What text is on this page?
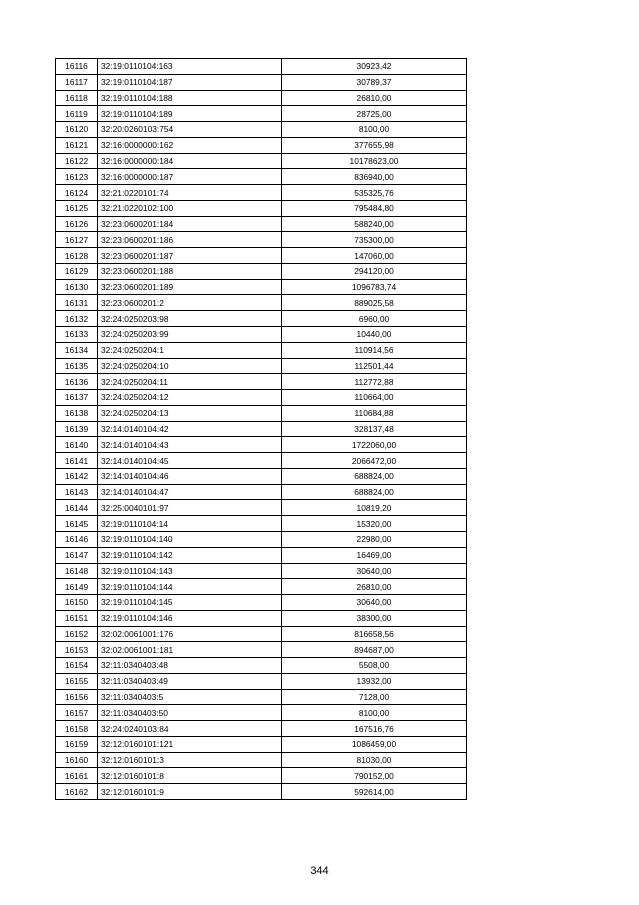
16116	32:19:0110104:163	30923,42
16117	32:19:0110104:187	30789,37
16118	32:19:0110104:188	26810,00
16119	32:19:0110104:189	28725,00
16120	32:20:0260103:754	8100,00
16121	32:16:0000000:162	377655,98
16122	32:16:0000000:184	10178623,00
16123	32:16:0000000:187	836940,00
16124	32:21:0220101:74	535325,76
16125	32:21:0220102:100	795484,80
16126	32:23:0600201:184	588240,00
16127	32:23:0600201:186	735300,00
16128	32:23:0600201:187	147060,00
16129	32:23:0600201:188	294120,00
16130	32:23:0600201:189	1096783,74
16131	32:23:0600201:2	889025,58
16132	32:24:0250203:98	6960,00
16133	32:24:0250203:99	10440,00
16134	32:24:0250204:1	110914,56
16135	32:24:0250204:10	112501,44
16136	32:24:0250204:11	112772,88
16137	32:24:0250204:12	110664,00
16138	32:24:0250204:13	110684,88
16139	32:14:0140104:42	328137,48
16140	32:14:0140104:43	1722060,00
16141	32:14:0140104:45	2066472,00
16142	32:14:0140104:46	688824,00
16143	32:14:0140104:47	688824,00
16144	32:25:0040101:97	10819,20
16145	32:19:0110104:14	15320,00
16146	32:19:0110104:140	22980,00
16147	32:19:0110104:142	16469,00
16148	32:19:0110104:143	30640,00
16149	32:19:0110104:144	26810,00
16150	32:19:0110104:145	30640,00
16151	32:19:0110104:146	38300,00
16152	32:02:0061001:176	816658,56
16153	32:02:0061001:181	894687,00
16154	32:11:0340403:48	5508,00
16155	32:11:0340403:49	13932,00
16156	32:11:0340403:5	7128,00
16157	32:11:0340403:50	8100,00
16158	32:24:0240103:84	167516,76
16159	32:12:0160101:121	1086459,00
16160	32:12:0160101:3	81030,00
16161	32:12:0160101:8	790152,00
16162	32:12:0160101:9	592614,00
344
